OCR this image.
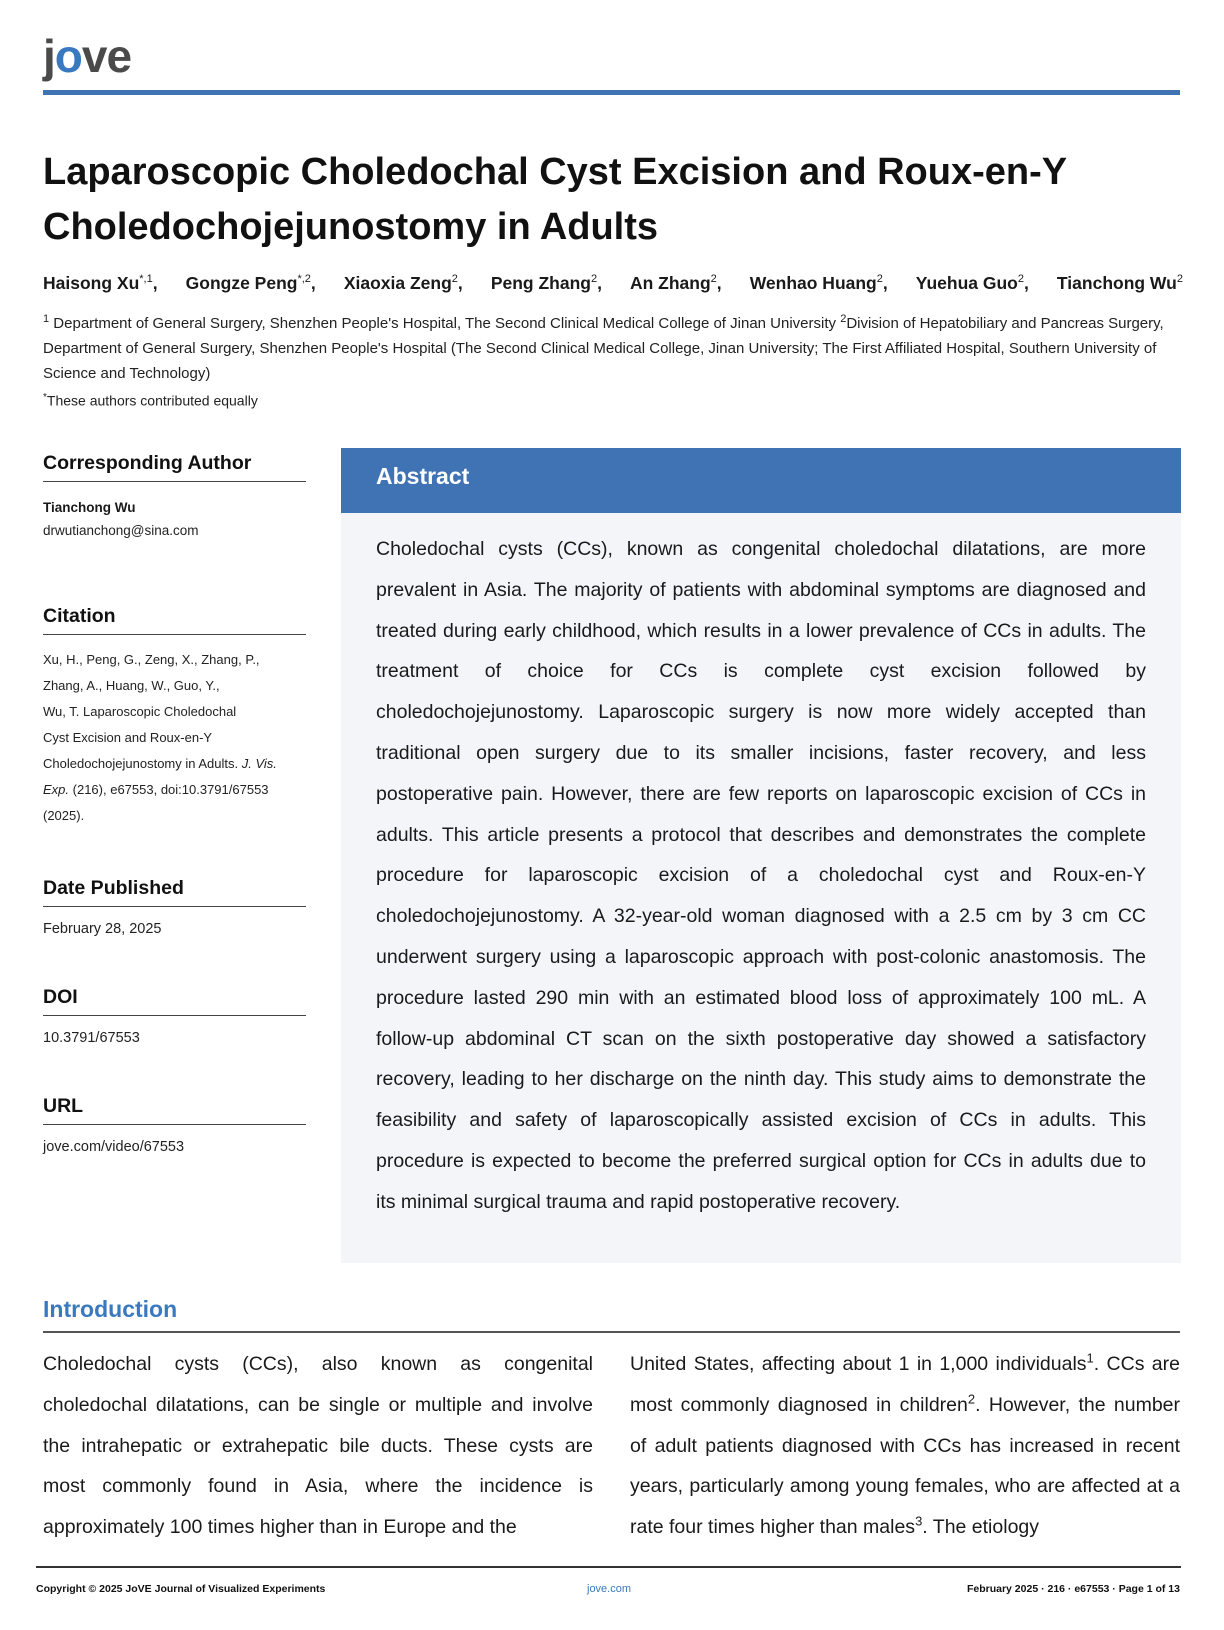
jove
Laparoscopic Choledochal Cyst Excision and Roux-en-Y Choledochojejunostomy in Adults
Haisong $Xu^{*,1}$, Gongze Peng$^{*,2}$, Xiaoxia Zeng$^2$, Peng Zhang$^2$, An Zhang$^2$, Wenhao Huang$^2$, Yuehua Guo$^2$, Tianchong Wu$^2$

$^1$ Department of General Surgery, Shenzhen People's Hospital, The Second Clinical Medical College of Jinan University $^2$Division of Hepatobiliary and Pancreas Surgery, Department of General Surgery, Shenzhen People's Hospital (The Second Clinical Medical College, Jinan University; The First Affiliated Hospital, Southern University of Science and Technology)

*These authors contributed equally
Corresponding Author
Tianchong Wu
drwutianchong@sina.com
Citation
Xu, H., Peng, G., Zeng, X., Zhang, P.,
Zhang, A., Huang, W., Guo, Y.,
Wu, T. Laparoscopic Choledochal
Cyst Excision and Roux-en-Y
Choledochojejunostomy in Adults. J. Vis.
Exp. (216), e67553, doi:10.3791/67553
(2025).
Date Published
February 28, 2025
DOI
10.3791/67553
URL
jove.com/video/67553
Abstract

Choledochal cysts (CCs), known as congenital choledochal dilatations, are more prevalent in Asia. The majority of patients with abdominal symptoms are diagnosed and treated during early childhood, which results in a lower prevalence of CCs in adults. The treatment of choice for CCs is complete cyst excision followed by choledochojejunostomy. Laparoscopic surgery is now more widely accepted than traditional open surgery due to its smaller incisions, faster recovery, and less postoperative pain. However, there are few reports on laparoscopic excision of CCs in adults. This article presents a protocol that describes and demonstrates the complete procedure for laparoscopic excision of a choledochal cyst and Roux-en-Y choledochojejunostomy. A 32-year-old woman diagnosed with a 2.5 cm by 3 cm CC underwent surgery using a laparoscopic approach with post-colonic anastomosis. The procedure lasted 290 min with an estimated blood loss of approximately 100 mL. A follow-up abdominal CT scan on the sixth postoperative day showed a satisfactory recovery, leading to her discharge on the ninth day. This study aims to demonstrate the feasibility and safety of laparoscopically assisted excision of CCs in adults. This procedure is expected to become the preferred surgical option for CCs in adults due to its minimal surgical trauma and rapid postoperative recovery.

Introduction

Choledochal cysts (CCs), also known as congenital choledochal dilatations, can be single or multiple and involve the intrahepatic or extrahepatic bile ducts. These cysts are most commonly found in Asia, where the incidence is approximately 100 times higher than in Europe and the

United States, affecting about 1 in 1,000 individuals$^1$. CCs are most commonly diagnosed in children$^2$. However, the number of adult patients diagnosed with CCs has increased in recent years, particularly among young females, who are affected at a rate four times higher than males$^3$. The etiology

Copyright © 2025 JoVE Journal of Visualized Experiments	jove.com	February 2025 · 216 · e67553 · Page 1 of 13
